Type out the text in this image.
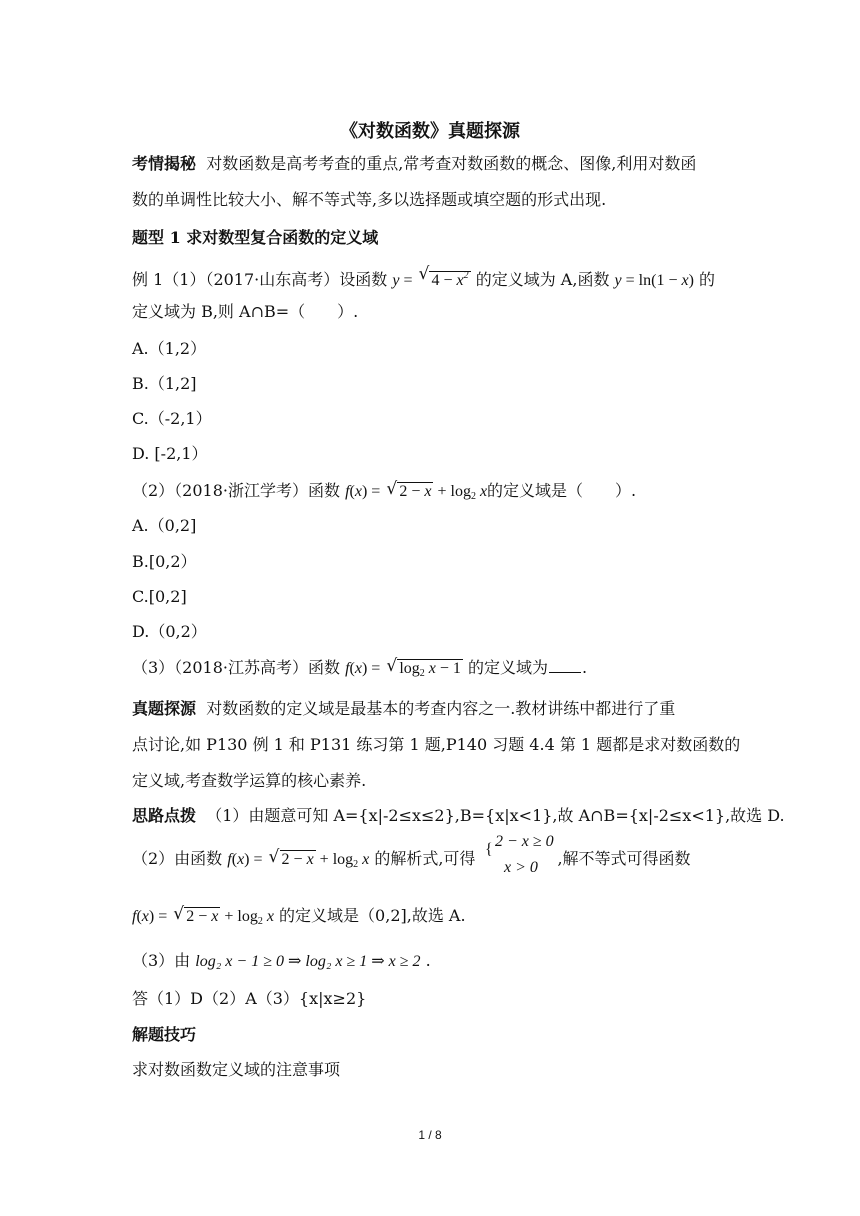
《对数函数》真题探源
考情揭秘 对数函数是高考考查的重点,常考查对数函数的概念、图像,利用对数函
数的单调性比较大小、解不等式等,多以选择题或填空题的形式出现.
题型 1 求对数型复合函数的定义域
例 1（1）（2017·山东高考）设函数 y = √ $4 - x^2$ 的定义域为 A,函数 y = ln(1 − x) 的
定义域为 B,则 A∩B=（　　）.
A.（1,2）
B.（1,2]
C.（-2,1）
D. [-2,1）
（2）（2018·浙江学考）函数 f(x) = √ $2 - x + \log_2 x$的定义域是（　　）.
A.（0,2]
B.[0,2）
C.[0,2]
D.（0,2）
（3）（2018·江苏高考）函数 f(x) = √ $\log_2 x - 1$ 的定义域为 .
真题探源 对数函数的定义域是最基本的考查内容之一.教材讲练中都进行了重
点讨论,如 P130 例 1 和 P131 练习第 1 题,P140 习题 4.4 第 1 题都是求对数函数的
定义域,考查数学运算的核心素养.
思路点拨 （1）由题意可知 A={x|-2≤x≤2},B={x|x<1},故 A∩B={x|-2≤x<1},故选 D.
（2）由函数 f(x) = √ $2 - x + \log_2 x$ 的解析式,可得	,解不等式可得函数
{ 2 − x ≥ 0
x > 0
f(x) = √ $2 - x + \log_2 x$ 的定义域是（0,2],故选 A.
（3）由 log₂ x − 1 ≥ 0 ⇒ log₂ x ≥ 1 ⇒ x ≥ 2 .
答（1）D（2）A（3）{x|x≥2}
解题技巧
求对数函数定义域的注意事项
1 / 8
